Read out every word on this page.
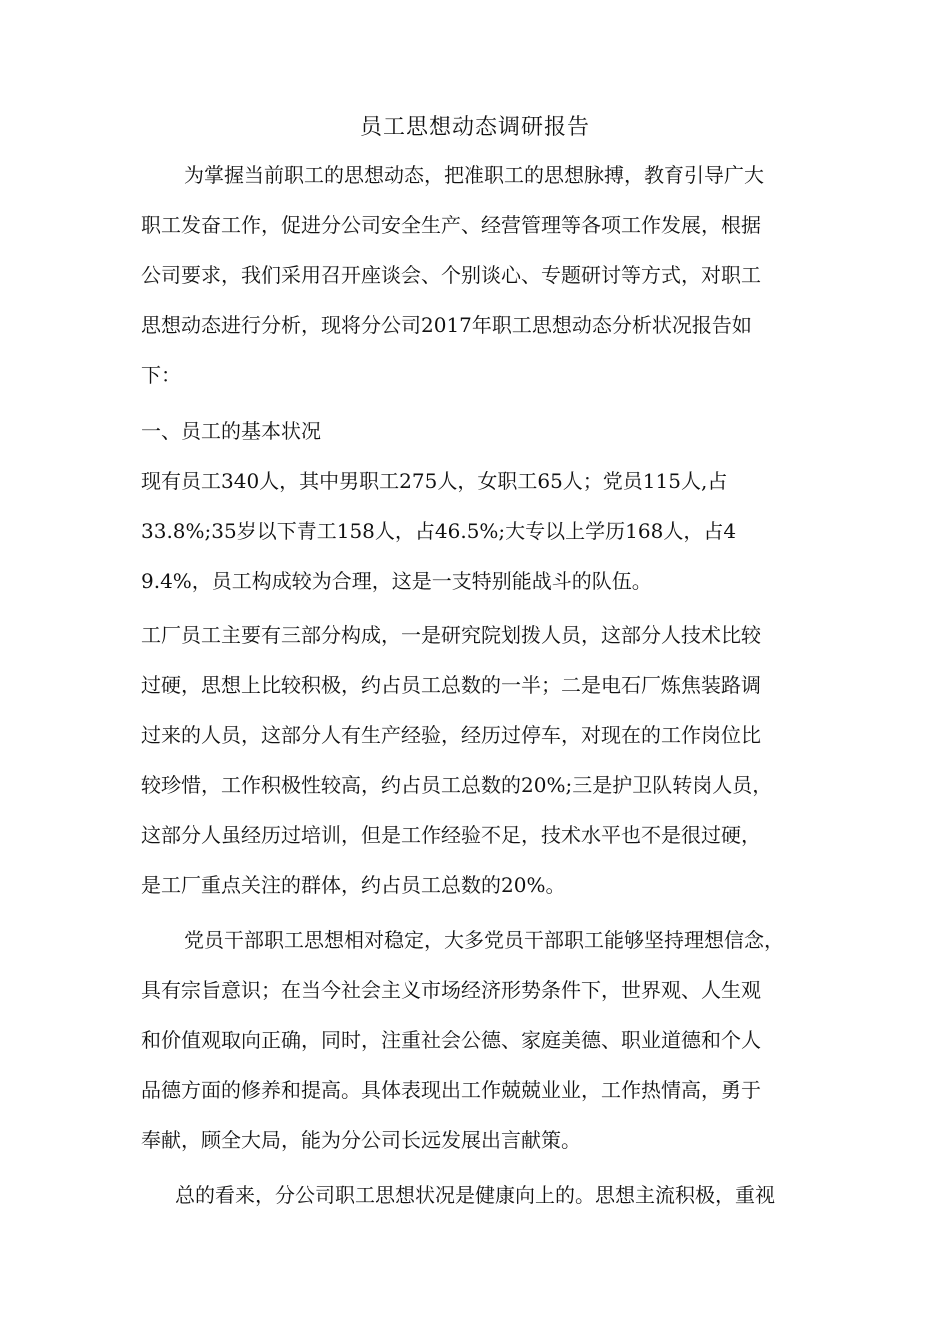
员工思想动态调研报告
为掌握当前职工的思想动态，把准职工的思想脉搏，教育引导广大
职工发奋工作，促进分公司安全生产、经营管理等各项工作发展，根据
公司要求，我们采用召开座谈会、个别谈心、专题研讨等方式，对职工
思想动态进行分析，现将分公司2017年职工思想动态分析状况报告如
下：
一、员工的基本状况
现有员工340人，其中男职工275人，女职工65人；党员115人,占
33.8%;35岁以下青工158人，占46.5%;大专以上学历168人，占4
9.4%，员工构成较为合理，这是一支特别能战斗的队伍。
工厂员工主要有三部分构成，一是研究院划拨人员，这部分人技术比较
过硬，思想上比较积极，约占员工总数的一半；二是电石厂炼焦装路调
过来的人员，这部分人有生产经验，经历过停车，对现在的工作岗位比
较珍惜，工作积极性较高，约占员工总数的20%;三是护卫队转岗人员，
这部分人虽经历过培训，但是工作经验不足，技术水平也不是很过硬，
是工厂重点关注的群体，约占员工总数的20%。
党员干部职工思想相对稳定，大多党员干部职工能够坚持理想信念，
具有宗旨意识；在当今社会主义市场经济形势条件下，世界观、人生观
和价值观取向正确，同时，注重社会公德、家庭美德、职业道德和个人
品德方面的修养和提高。具体表现出工作兢兢业业，工作热情高，勇于
奉献，顾全大局，能为分公司长远发展出言献策。
总的看来，分公司职工思想状况是健康向上的。思想主流积极，重视
